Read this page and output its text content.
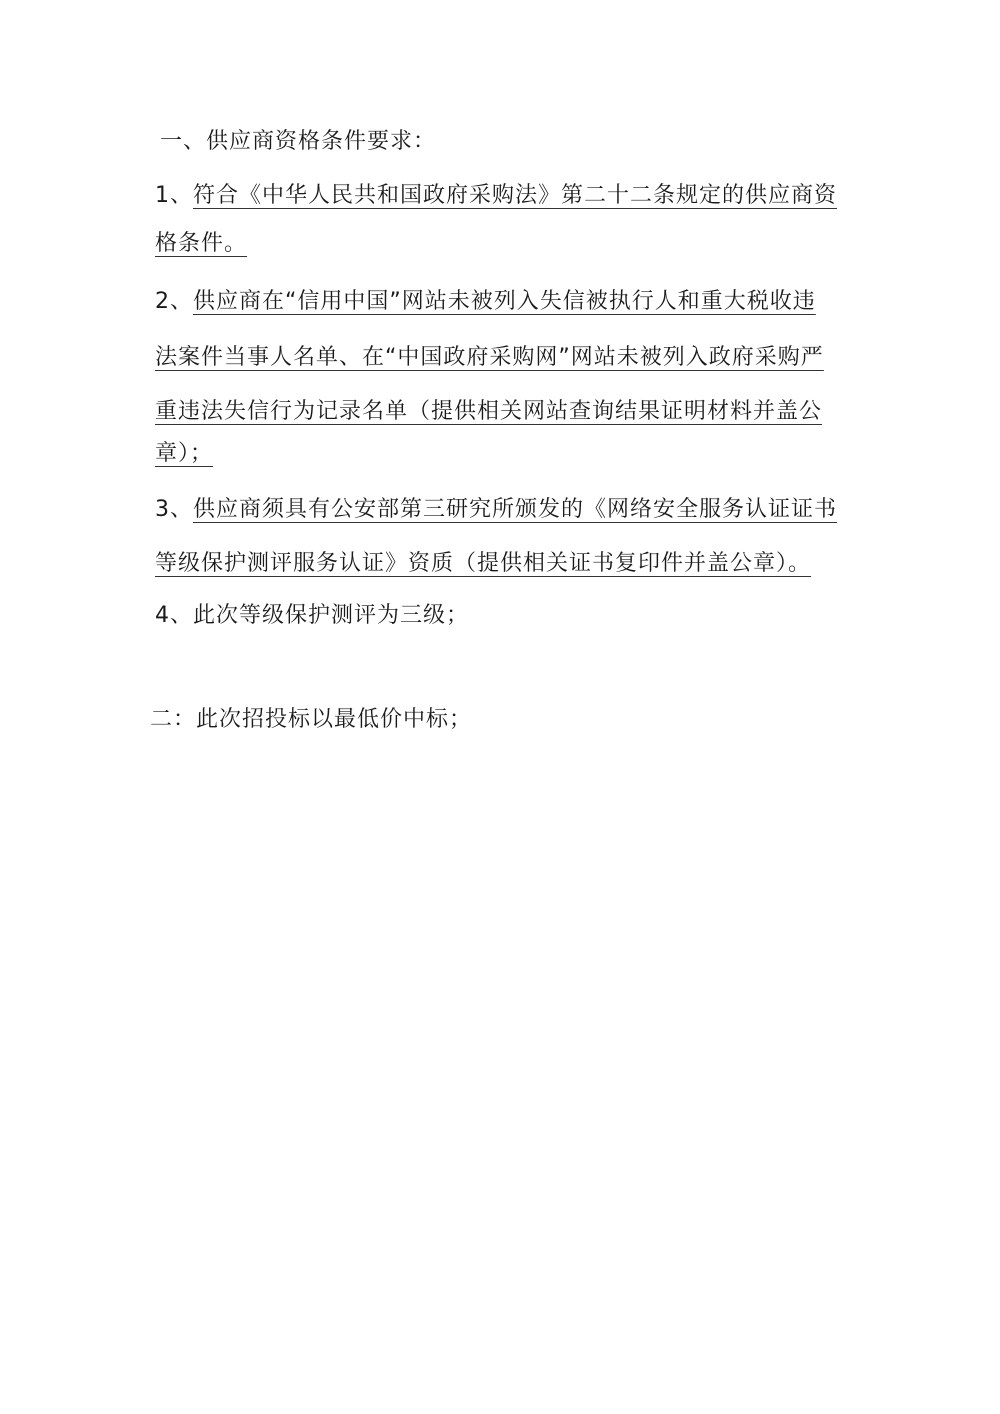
一、供应商资格条件要求：
1、符合《中华人民共和国政府采购法》第二十二条规定的供应商资
格条件。
2、供应商在“信用中国”网站未被列入失信被执行人和重大税收违
法案件当事人名单、在“中国政府采购网”网站未被列入政府采购严
重违法失信行为记录名单（提供相关网站查询结果证明材料并盖公
章）；
3、供应商须具有公安部第三研究所颁发的《网络安全服务认证证书
等级保护测评服务认证》资质（提供相关证书复印件并盖公章）。
4、此次等级保护测评为三级；
二：此次招投标以最低价中标；
